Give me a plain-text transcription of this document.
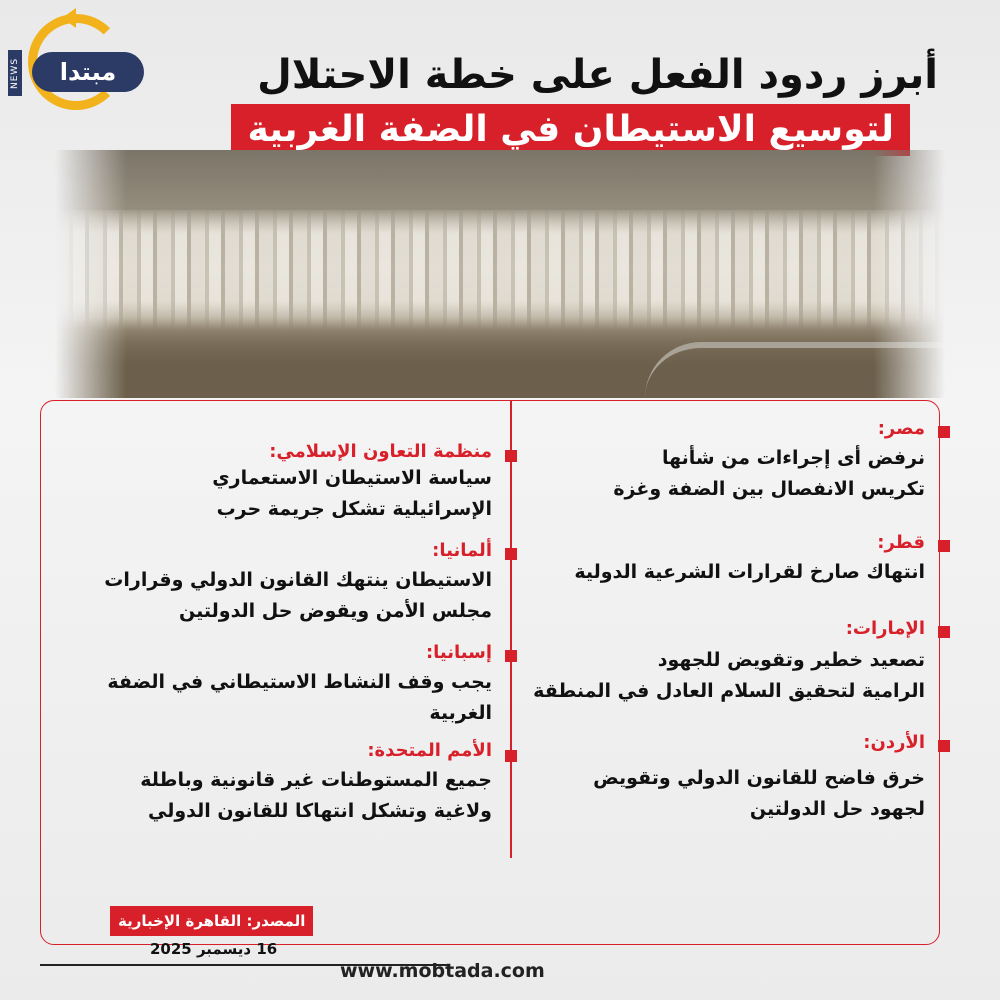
NEWS	مبتدا	أبرز ردود الفعل على خطة الاحتلال
لتوسيع الاستيطان في الضفة الغربية
مصر:
نرفض أى إجراءات من شأنها
تكريس الانفصال بين الضفة وغزة
قطر:
انتهاك صارخ لقرارات الشرعية الدولية
الإمارات:
تصعيد خطير وتقويض للجهود
الرامية لتحقيق السلام العادل في المنطقة
الأردن:
خرق فاضح للقانون الدولي وتقويض
لجهود حل الدولتين
منظمة التعاون الإسلامي:
سياسة الاستيطان الاستعماري
الإسرائيلية تشكل جريمة حرب
ألمانيا:
الاستيطان ينتهك القانون الدولي وقرارات
مجلس الأمن ويقوض حل الدولتين
إسبانيا:
يجب وقف النشاط الاستيطاني في الضفة
الغربية
الأمم المتحدة:
جميع المستوطنات غير قانونية وباطلة
ولاغية وتشكل انتهاكا للقانون الدولي
المصدر: القاهرة الإخبارية
16 ديسمبر 2025
www.mobtada.com
